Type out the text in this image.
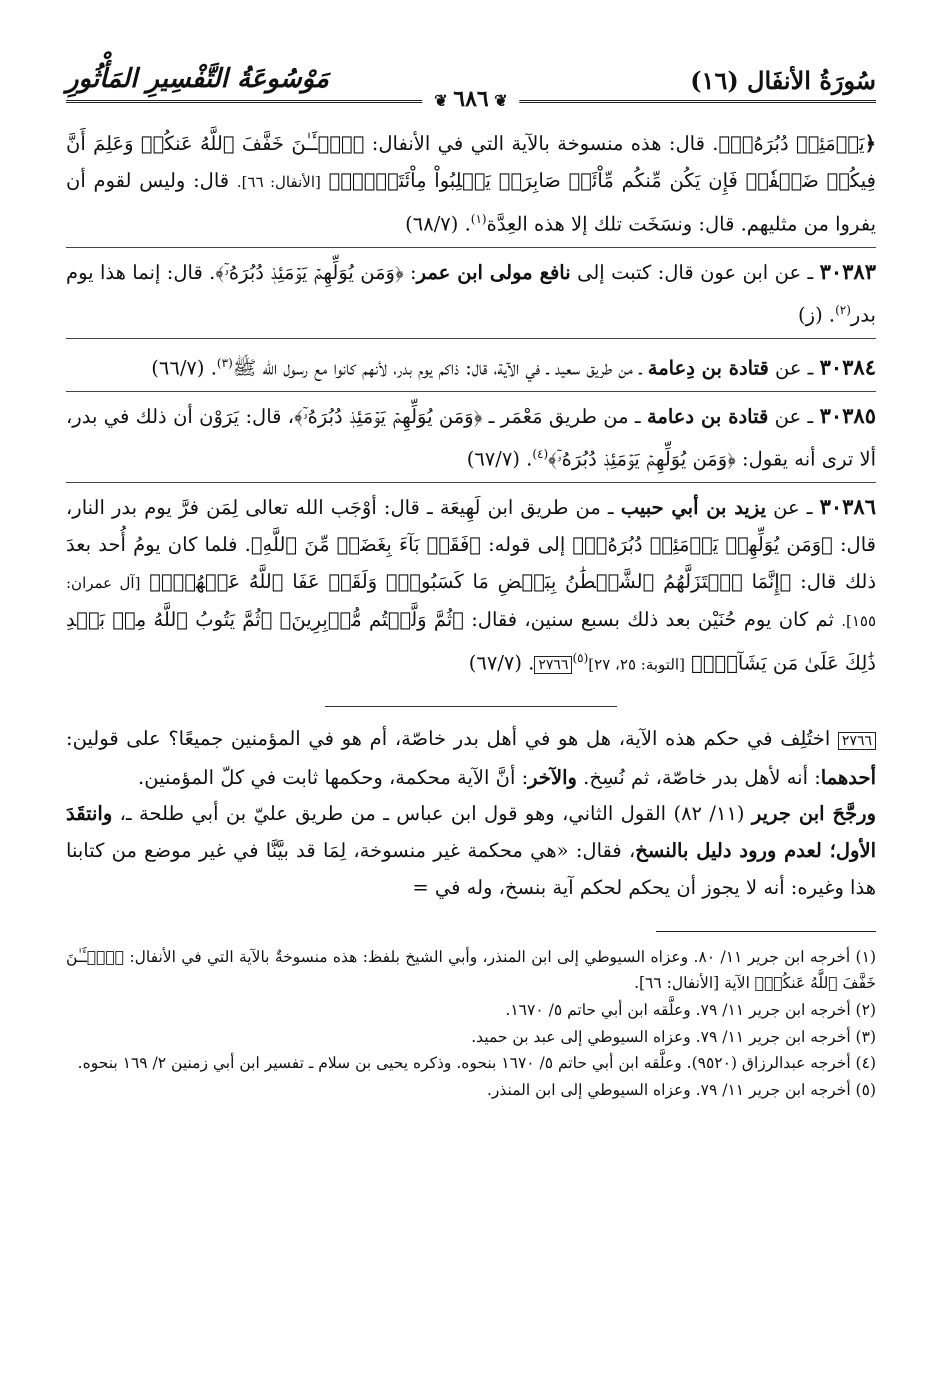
سُورَةُ الأنفَال (١٦)
مَوْسُوعَةُ التَّفْسِيرِ المَأْثُورِ
❦ ٦٨٦ ❦

﴿يَوۡمَئِذٖ دُبُرَهُۥٓ﴾. قال: هذه منسوخة بالآية التي في الأنفال: ﴿ٱلۡـَٔـٰنَ خَفَّفَ ٱللَّهُ عَنكُمۡ وَعَلِمَ أَنَّ فِيكُمۡ ضَعۡفٗاۚ فَإِن يَكُن مِّنكُم مِّاْئَةٞ صَابِرَةٞ يَغۡلِبُواْ مِاْئَتَيۡنِۚ﴾ [الأنفال: ٦٦]. قال: وليس لقوم أن يفروا من مثليهم. قال: ونسَخَت تلك إلا هذه العِدَّة$^{(١)}$. (٦٨/٧)

٣٠٣٨٣ ـ عن ابن عون قال: كتبت إلى نافع مولى ابن عمر: ﴿وَمَن يُوَلِّهِمۡ يَوۡمَئِذٖ دُبُرَهُۥٓ﴾. قال: إنما هذا يوم بدر$^{(٢)}$. (ز)

٣٠٣٨٤ ـ عن قتادة بن دِعامة ـ من طريق سعيد ـ في الآية، قال: ذاكم يوم بدر، لأنهم كانوا مع رسول الله ﷺ$^{(٣)}$. (٦٦/٧)

٣٠٣٨٥ ـ عن قتادة بن دعامة ـ من طريق مَعْمَر ـ ﴿وَمَن يُوَلِّهِمۡ يَوۡمَئِذٖ دُبُرَهُۥٓ﴾، قال: يَرَوْن أن ذلك في بدر، ألا ترى أنه يقول: ﴿وَمَن يُوَلِّهِمۡ يَوۡمَئِذٖ دُبُرَهُۥٓ﴾$^{(٤)}$. (٦٧/٧)

٣٠٣٨٦ ـ عن يزيد بن أبي حبيب ـ من طريق ابن لَهِيعَة ـ قال: أوْجَب الله تعالى لِمَن فرَّ يوم بدر النار، قال: ﴿وَمَن يُوَلِّهِمۡ يَوۡمَئِذٖ دُبُرَهُۥٓ﴾ إلى قوله: ﴿فَقَدۡ بَآءَ بِغَضَبٖ مِّنَ ٱللَّهِ﴾. فلما كان يومُ أُحد بعدَ ذلك قال: ﴿إِنَّمَا ٱسۡتَزَلَّهُمُ ٱلشَّيۡطَٰنُ بِبَعۡضِ مَا كَسَبُواْۖ وَلَقَدۡ عَفَا ٱللَّهُ عَنۡهُمۡۗ﴾ [آل عمران: ١٥٥]. ثم كان يوم حُنَيْن بعد ذلك بسبع سنين، فقال: ﴿ثُمَّ وَلَّيۡتُم مُّدۡبِرِينَ﴾ ﴿ثُمَّ يَتُوبُ ٱللَّهُ مِنۢ بَعۡدِ ذَٰلِكَ عَلَىٰ مَن يَشَآءُۗ﴾ [التوبة: ٢٥، ٢٧]$^{(٥)}$٢٧٦٦. (٦٧/٧)

٢٧٦٦ اختُلِف في حكم هذه الآية، هل هو في أهل بدر خاصّة، أم هو في المؤمنين جميعًا؟ على قولين: أحدهما: أنه لأهل بدر خاصّة، ثم نُسِخ. والآخر: أنَّ الآية محكمة، وحكمها ثابت في كلّ المؤمنين.

ورجَّحَ ابن جرير (١١/ ٨٢) القول الثاني، وهو قول ابن عباس ـ من طريق عليّ بن أبي طلحة ـ، وانتقَدَ الأول؛ لعدم ورود دليل بالنسخ، فقال: «هي محكمة غير منسوخة، لِمَا قد بيَّنَّا في غير موضع من كتابنا هذا وغيره: أنه لا يجوز أن يحكم لحكم آية بنسخ، وله في =

(١) أخرجه ابن جرير ١١/ ٨٠. وعزاه السيوطي إلى ابن المنذر، وأبي الشيخ بلفظ: هذه منسوخةٌ بالآية التي في الأنفال: ﴿ٱلۡـَٔـٰنَ خَفَّفَ ٱللَّهُ عَنكُمۡ﴾ الآية [الأنفال: ٦٦].

(٢) أخرجه ابن جرير ١١/ ٧٩. وعلَّقه ابن أبي حاتم ٥/ ١٦٧٠.

(٣) أخرجه ابن جرير ١١/ ٧٩. وعزاه السيوطي إلى عبد بن حميد.

(٤) أخرجه عبدالرزاق (٩٥٢٠). وعلَّقه ابن أبي حاتم ٥/ ١٦٧٠ بنحوه. وذكره يحيى بن سلام ـ تفسير ابن أبي زمنين ٢/ ١٦٩ بنحوه.

(٥) أخرجه ابن جرير ١١/ ٧٩. وعزاه السيوطي إلى ابن المنذر.
